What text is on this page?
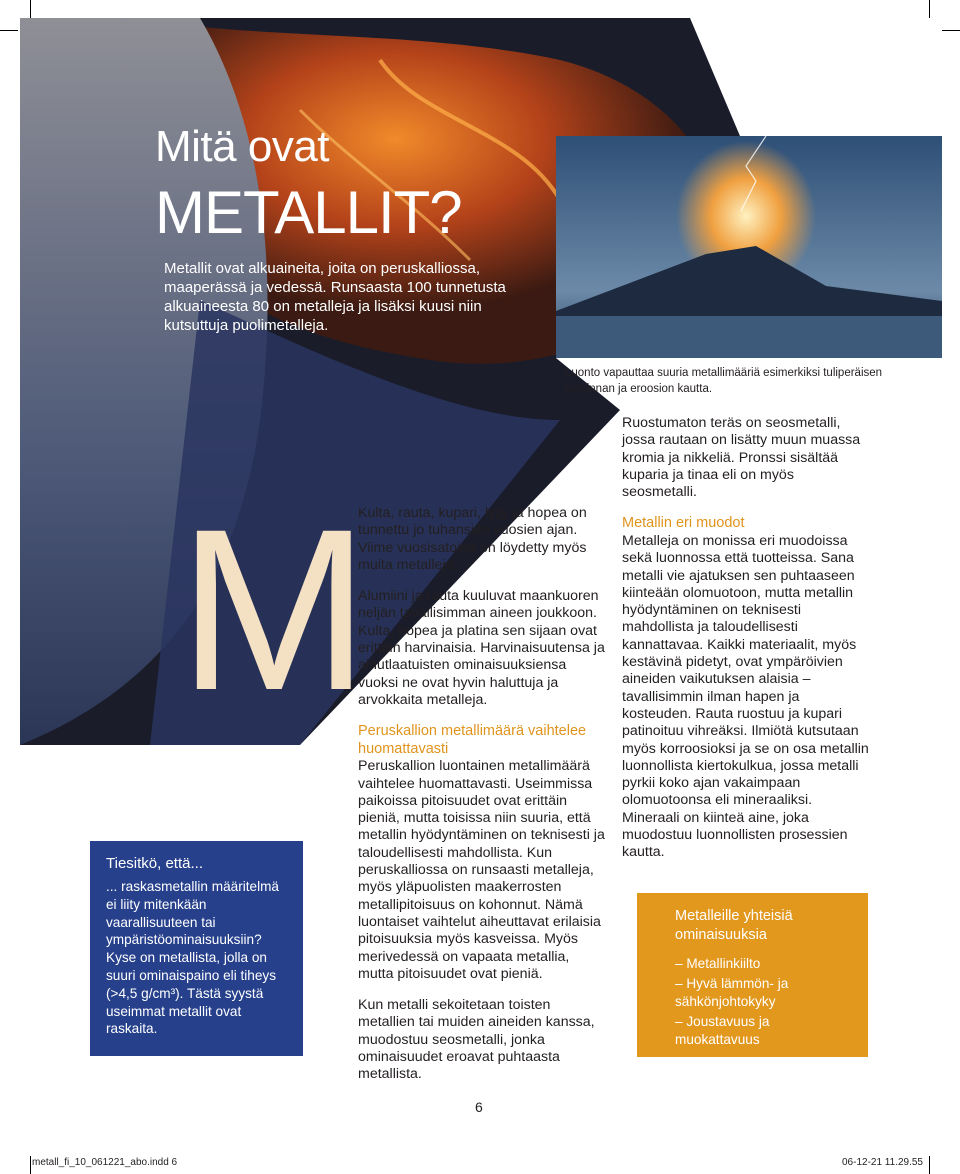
Mitä ovat
METALLIT?

Metallit ovat alkuaineita, joita on peruskalliossa, maaperässä ja vedessä. Runsaasta 100 tunnetusta alkuaineesta 80 on metalleja ja lisäksi kuusi niin kutsuttuja puolimetalleja.

Luonto vapauttaa suuria metallimääriä esimerkiksi tuliperäisen toiminnan ja eroosion kautta.

M

Kulta, rauta, kupari, lyijy ja hopea on tunnettu jo tuhansien vuosien ajan. Viime vuosisatoina on löydetty myös muita metalleja.

Alumiini ja rauta kuuluvat maankuoren neljän tavallisimman aineen joukkoon. Kulta, hopea ja platina sen sijaan ovat erittäin harvinaisia. Harvinaisuutensa ja ainutlaatuisten ominaisuuksiensa vuoksi ne ovat hyvin haluttuja ja arvokkaita metalleja.

Peruskallion metallimäärä vaihtelee huomattavasti

Peruskallion luontainen metallimäärä vaihtelee huomattavasti. Useimmissa paikoissa pitoisuudet ovat erittäin pieniä, mutta toisissa niin suuria, että metallin hyödyntäminen on teknisesti ja taloudellisesti mahdollista. Kun peruskalliossa on runsaasti metalleja, myös yläpuolisten maakerrosten metallipitoisuus on kohonnut. Nämä luontaiset vaihtelut aiheuttavat erilaisia pitoisuuksia myös kasveissa. Myös merivedessä on vapaata metallia, mutta pitoisuudet ovat pieniä.

Kun metalli sekoitetaan toisten metallien tai muiden aineiden kanssa, muodostuu seosmetalli, jonka ominaisuudet eroavat puhtaasta metallista.

Ruostumaton teräs on seosmetalli, jossa rautaan on lisätty muun muassa kromia ja nikkeliä. Pronssi sisältää kuparia ja tinaa eli on myös seosmetalli.

Metallin eri muodot

Metalleja on monissa eri muodoissa sekä luonnossa että tuotteissa. Sana metalli vie ajatuksen sen puhtaaseen kiinteään olomuotoon, mutta metallin hyödyntäminen on teknisesti mahdollista ja taloudellisesti kannattavaa. Kaikki materiaalit, myös kestävinä pidetyt, ovat ympäröivien aineiden vaikutuksen alaisia – tavallisimmin ilman hapen ja kosteuden. Rauta ruostuu ja kupari patinoituu vihreäksi. Ilmiötä kutsutaan myös korroosioksi ja se on osa metallin luonnollista kiertokulkua, jossa metalli pyrkii koko ajan vakaimpaan olomuotoonsa eli mineraaliksi. Mineraali on kiinteä aine, joka muodostuu luonnollisten prosessien kautta.

Tiesitkö, että...

... raskasmetallin määritelmä ei liity mitenkään vaarallisuuteen tai ympäristöominaisuuksiin? Kyse on metallista, jolla on suuri ominaispaino eli tiheys (>4,5 g/cm³). Tästä syystä useimmat metallit ovat raskaita.

Metalleille yhteisiä ominaisuuksia

– Metallinkiilto
– Hyvä lämmön- ja sähkönjohtokyky
– Joustavuus ja muokattavuus
6
metall_fi_10_061221_abo.indd 6	06-12-21 11.29.55
